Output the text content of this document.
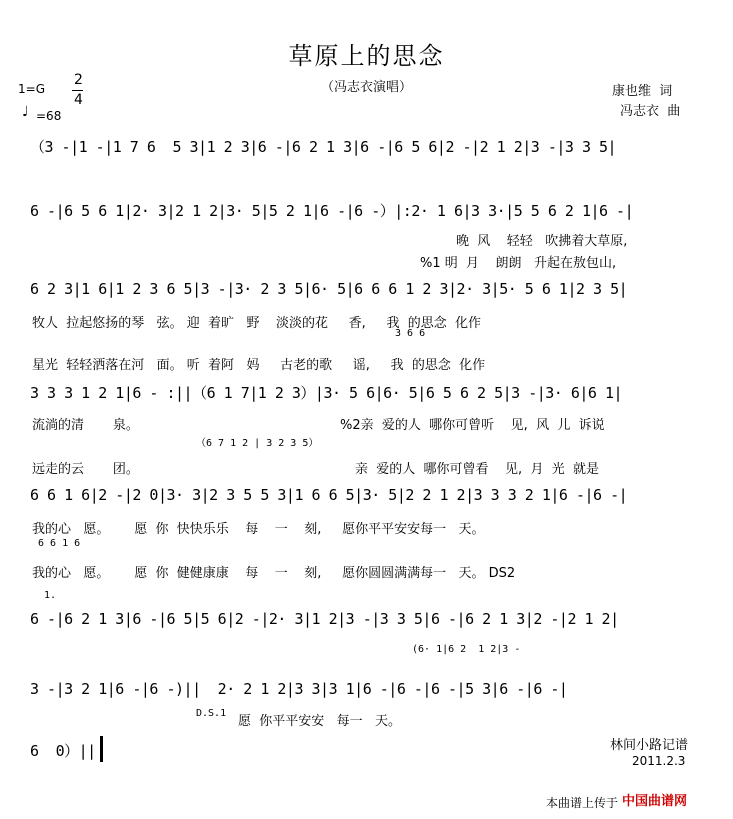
草原上的思念
（冯志衣演唱）	康也维  词
冯志衣  曲
1=G
2
4
♩ =68
（3 -|1 -|1 7 6  5 3|1 2 3|6 -|6 2 1 3|6 -|6 5 6|2 -|2 1 2|3 -|3 3 5|
6 -|6 5 6 1|2· 3|2 1 2|3· 5|5 2 1|6 -|6 -）|:2· 1 6|3 3·|5 5 6 2 1|6 -|
晚  风    轻轻   吹拂着大草原,
%1 明  月    朗朗   升起在敖包山,
6 2 3|1 6|1 2 3 6 5|3 -|3· 2 3 5|6· 5|6 6 6 1 2 3|2· 3|5· 5 6 1|2 3 5|
牧人  拉起悠扬的琴   弦。 迎  着旷   野    淡淡的花     香,     我  的思念  化作
3 6 6
星光  轻轻洒落在河   面。 听  着阿   妈     古老的歌     谣,     我  的思念  化作
3 3 3 1 2 1|6 - :||（6 1 7|1 2 3）|3· 5 6|6· 5|6 5 6 2 5|3 -|3· 6|6 1|
流淌的清       泉。	%2亲  爱的人  哪你可曾听    见,  风  儿  诉说
（6 7 1 2 | 3 2 3 5）
远走的云       团。	亲  爱的人  哪你可曾看    见,  月  光  就是
6 6 1 6|2 -|2 0|3· 3|2 3 5 5 3|1 6 6 5|3· 5|2 2 1 2|3 3 3 2 1|6 -|6 -|
我的心   愿。      愿  你  快快乐乐    每    一    刻,     愿你平平安安每一   天。
6 6 1 6
我的心   愿。      愿  你  健健康康    每    一    刻,     愿你圆圆满满每一   天。 DS2
1.
6 -|6 2 1 3|6 -|6 5|5 6|2 -|2· 3|1 2|3 -|3 3 5|6 -|6 2 1 3|2 -|2 1 2|
(6· 1|6 2  1 2|3 -
3 -|3 2 1|6 -|6 -)||  2· 2 1 2|3 3|3 1|6 -|6 -|6 -|5 3|6 -|6 -|
D.S.1
愿  你平平安安   每一   天。
6  0）||	林间小路记谱
2011.2.3
本曲谱上传于 中国曲谱网
